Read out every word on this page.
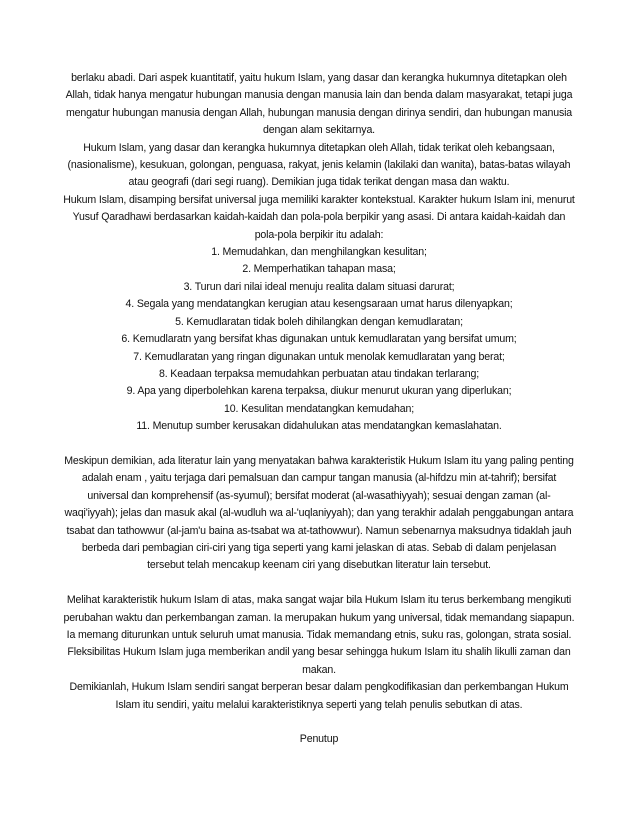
berlaku abadi. Dari aspek kuantitatif, yaitu hukum Islam, yang dasar dan kerangka hukumnya ditetapkan oleh Allah, tidak hanya mengatur hubungan manusia dengan manusia lain dan benda dalam masyarakat, tetapi juga mengatur hubungan manusia dengan Allah, hubungan manusia dengan dirinya sendiri, dan hubungan manusia dengan alam sekitarnya.

Hukum Islam, yang dasar dan kerangka hukumnya ditetapkan oleh Allah, tidak terikat oleh kebangsaan, (nasionalisme), kesukuan, golongan, penguasa, rakyat, jenis kelamin (lakilaki dan wanita), batas-batas wilayah atau geografi (dari segi ruang). Demikian juga tidak terikat dengan masa dan waktu.

Hukum Islam, disamping bersifat universal juga memiliki karakter kontekstual. Karakter hukum Islam ini, menurut Yusuf Qaradhawi berdasarkan kaidah-kaidah dan pola-pola berpikir yang asasi. Di antara kaidah-kaidah dan pola-pola berpikir itu adalah:

1. Memudahkan, dan menghilangkan kesulitan;

2. Memperhatikan tahapan masa;

3. Turun dari nilai ideal menuju realita dalam situasi darurat;

4. Segala yang mendatangkan kerugian atau kesengsaraan umat harus dilenyapkan;

5. Kemudlaratan tidak boleh dihilangkan dengan kemudlaratan;

6. Kemudlaratn yang bersifat khas digunakan untuk kemudlaratan yang bersifat umum;

7. Kemudlaratan yang ringan digunakan untuk menolak kemudlaratan yang berat;

8. Keadaan terpaksa memudahkan perbuatan atau tindakan terlarang;

9. Apa yang diperbolehkan karena terpaksa, diukur menurut ukuran yang diperlukan;

10. Kesulitan mendatangkan kemudahan;

11. Menutup sumber kerusakan didahulukan atas mendatangkan kemaslahatan.

Meskipun demikian, ada literatur lain yang menyatakan bahwa karakteristik Hukum Islam itu yang paling penting adalah enam , yaitu terjaga dari pemalsuan dan campur tangan manusia (al-hifdzu min at-tahrif); bersifat universal dan komprehensif (as-syumul); bersifat moderat (al-wasathiyyah); sesuai dengan zaman (al-waqi'iyyah); jelas dan masuk akal (al-wudluh wa al-'uqlaniyyah); dan yang terakhir adalah penggabungan antara tsabat dan tathowwur (al-jam'u baina as-tsabat wa at-tathowwur). Namun sebenarnya maksudnya tidaklah jauh berbeda dari pembagian ciri-ciri yang tiga seperti yang kami jelaskan di atas. Sebab di dalam penjelasan tersebut telah mencakup keenam ciri yang disebutkan literatur lain tersebut.

Melihat karakteristik hukum Islam di atas, maka sangat wajar bila Hukum Islam itu terus berkembang mengikuti perubahan waktu dan perkembangan zaman. Ia merupakan hukum yang universal, tidak memandang siapapun. Ia memang diturunkan untuk seluruh umat manusia. Tidak memandang etnis, suku ras, golongan, strata sosial.

Fleksibilitas Hukum Islam juga memberikan andil yang besar sehingga hukum Islam itu shalih likulli zaman dan makan.

Demikianlah, Hukum Islam sendiri sangat berperan besar dalam pengkodifikasian dan perkembangan Hukum Islam itu sendiri, yaitu melalui karakteristiknya seperti yang telah penulis sebutkan di atas.

Penutup
